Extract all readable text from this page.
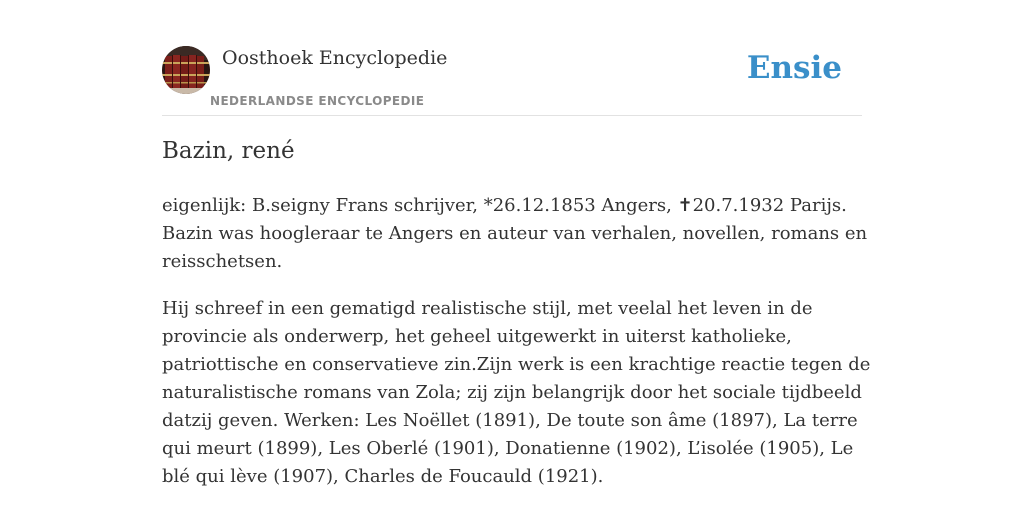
Oosthoek Encyclopedie
NEDERLANDSE ENCYCLOPEDIE
Ensie
Bazin, rené

eigenlijk: B.seigny Frans schrijver, *26.12.1853 Angers, ✝20.7.1932 Parijs. Bazin was hoogleraar te Angers en auteur van verhalen, novellen, romans en reisschetsen.

Hij schreef in een gematigd realistische stijl, met veelal het leven in de provincie als onderwerp, het geheel uitgewerkt in uiterst katholieke, patriottische en conservatieve zin.Zijn werk is een krachtige reactie tegen de naturalistische romans van Zola; zij zijn belangrijk door het sociale tijdbeeld datzij geven. Werken: Les Noëllet (1891), De toute son âme (1897), La terre qui meurt (1899), Les Oberlé (1901), Donatienne (1902), L’isolée (1905), Le blé qui lève (1907), Charles de Foucauld (1921).
